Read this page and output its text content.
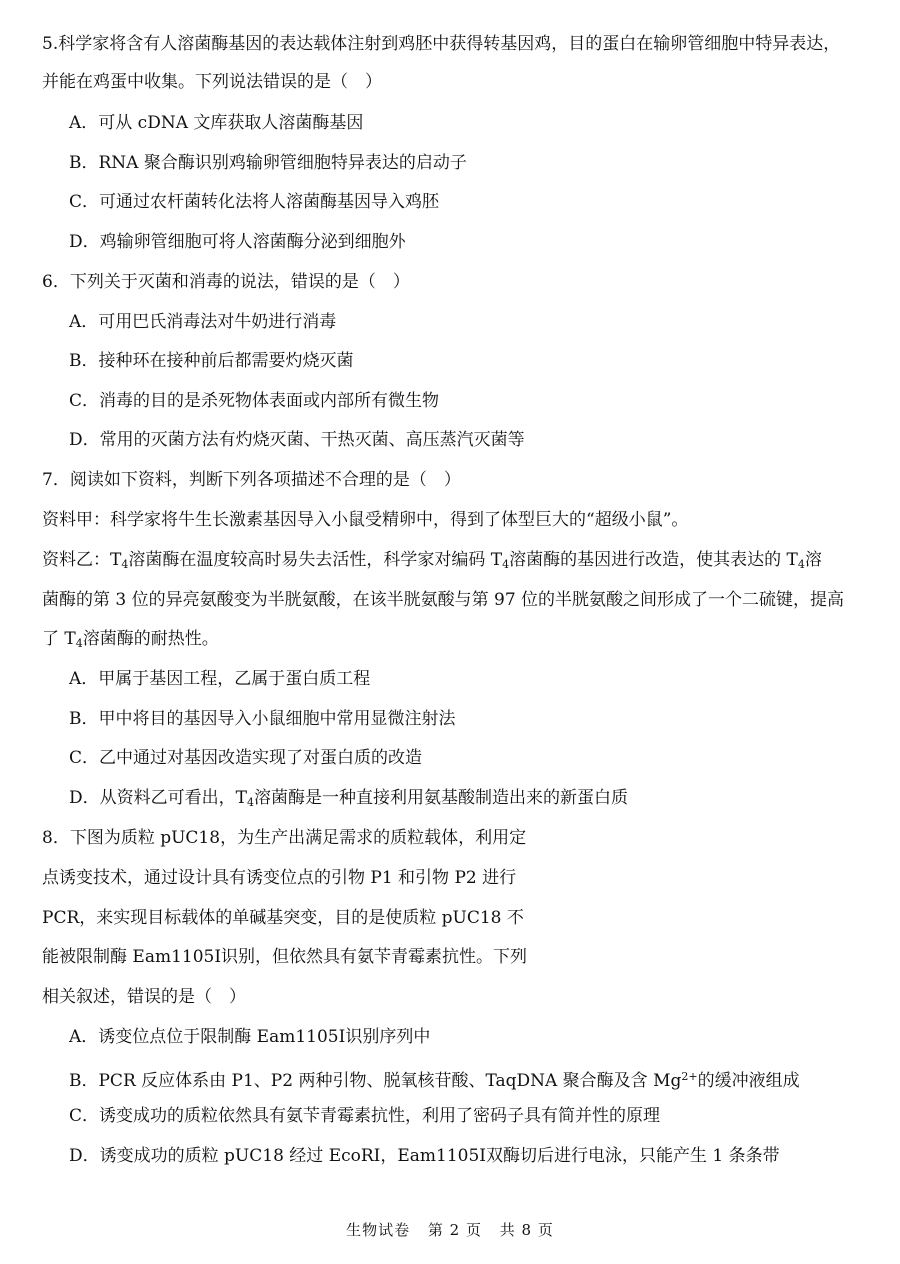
5.科学家将含有人溶菌酶基因的表达载体注射到鸡胚中获得转基因鸡，目的蛋白在输卵管细胞中特异表达，
并能在鸡蛋中收集。下列说法错误的是（　）
A．可从 cDNA 文库获取人溶菌酶基因
B．RNA 聚合酶识别鸡输卵管细胞特异表达的启动子
C．可通过农杆菌转化法将人溶菌酶基因导入鸡胚
D．鸡输卵管细胞可将人溶菌酶分泌到细胞外
6．下列关于灭菌和消毒的说法，错误的是（　）
A．可用巴氏消毒法对牛奶进行消毒
B．接种环在接种前后都需要灼烧灭菌
C．消毒的目的是杀死物体表面或内部所有微生物
D．常用的灭菌方法有灼烧灭菌、干热灭菌、高压蒸汽灭菌等
7．阅读如下资料，判断下列各项描述不合理的是（　）
资料甲：科学家将牛生长激素基因导入小鼠受精卵中，得到了体型巨大的“超级小鼠”。
资料乙：$T_4$溶菌酶在温度较高时易失去活性，科学家对编码 $T_4$溶菌酶的基因进行改造，使其表达的 $T_4$溶
菌酶的第 3 位的异亮氨酸变为半胱氨酸，在该半胱氨酸与第 97 位的半胱氨酸之间形成了一个二硫键，提高
了 $T_4$溶菌酶的耐热性。
A．甲属于基因工程，乙属于蛋白质工程
B．甲中将目的基因导入小鼠细胞中常用显微注射法
C．乙中通过对基因改造实现了对蛋白质的改造
D．从资料乙可看出，$T_4$溶菌酶是一种直接利用氨基酸制造出来的新蛋白质
8．下图为质粒 pUC18，为生产出满足需求的质粒载体，利用定
点诱变技术，通过设计具有诱变位点的引物 P1 和引物 P2 进行
PCR，来实现目标载体的单碱基突变，目的是使质粒 pUC18 不
能被限制酶 Eam1105I识别，但依然具有氨苄青霉素抗性。下列
相关叙述，错误的是（　）
A．诱变位点位于限制酶 Eam1105I识别序列中
B．PCR 反应体系由 P1、P2 两种引物、脱氧核苷酸、TaqDNA 聚合酶及含 $Mg^{2+}$的缓冲液组成
C．诱变成功的质粒依然具有氨苄青霉素抗性，利用了密码子具有简并性的原理
D．诱变成功的质粒 pUC18 经过 EcoRI，Eam1105I双酶切后进行电泳，只能产生 1 条条带
生物试卷 第 2 页 共 8 页
